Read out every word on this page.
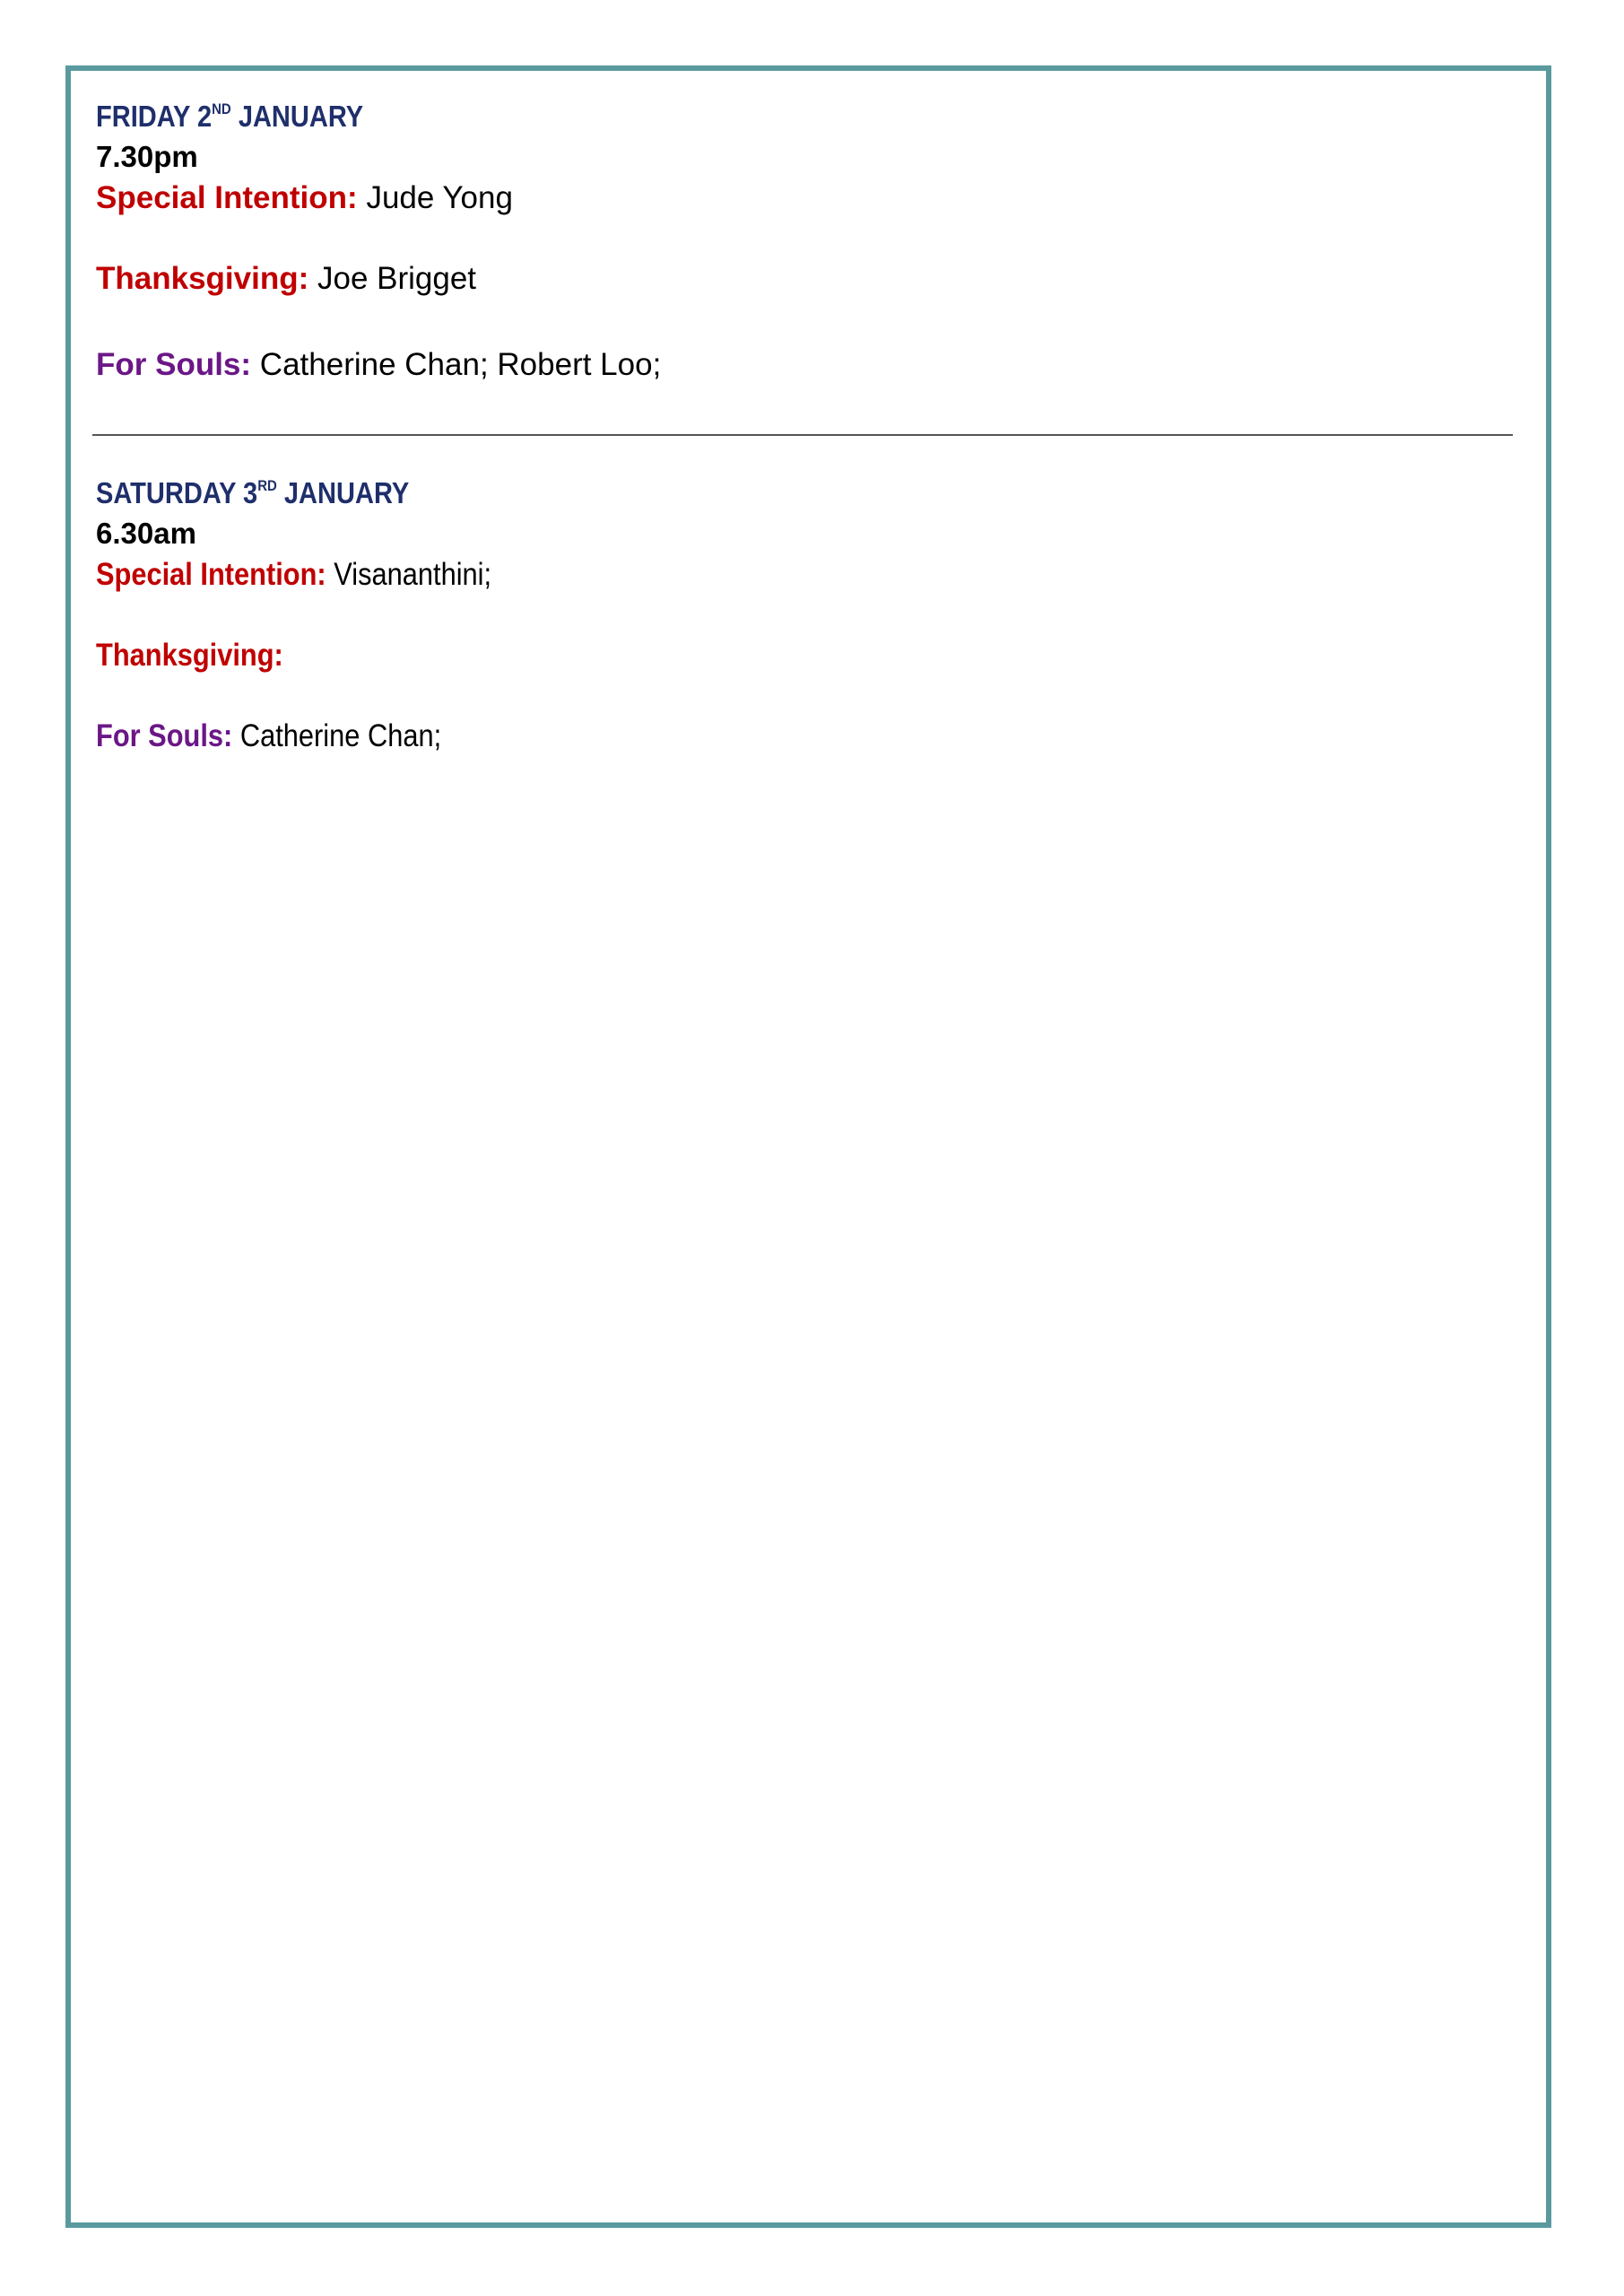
FRIDAY 2ND JANUARY
7.30pm
Special Intention: Jude Yong
Thanksgiving: Joe Brigget
For Souls: Catherine Chan; Robert Loo;
SATURDAY 3RD JANUARY
6.30am
Special Intention: Visananthini;
Thanksgiving:
For Souls: Catherine Chan;
